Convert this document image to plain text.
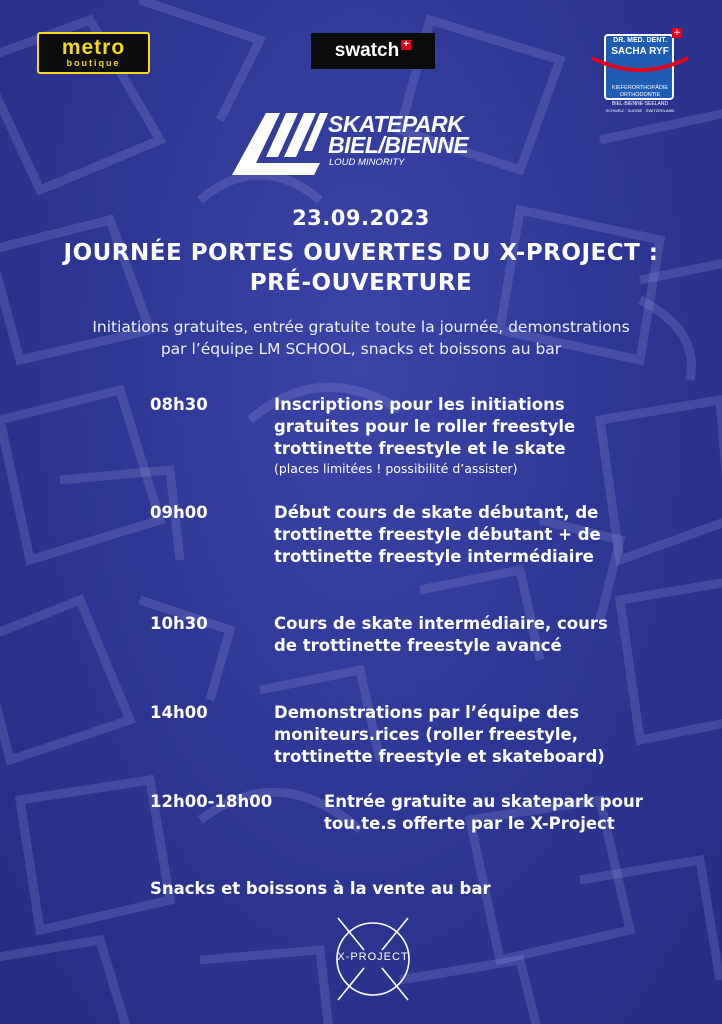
metro
boutique
swatch +
+
DR. MED. DENT.
SACHA RYF
KIEFERORTHOPÄDIE
ORTHODONTIE
BIEL·BIENNE·SEELAND
SCHWEIZ · SUISSE · SWITZERLAND
SKATEPARK
BIEL/BIENNE
LOUD MINORITY
23.09.2023
JOURNÉE PORTES OUVERTES DU X-PROJECT : PRÉ-OUVERTURE
Initiations gratuites, entrée gratuite toute la journée, demonstrations par l’équipe LM SCHOOL, snacks et boissons au bar
08h30	Inscriptions pour les initiations gratuites pour le roller freestyle trottinette freestyle et le skate
(places limitées ! possibilité d’assister)
09h00	Début cours de skate débutant, de trottinette freestyle débutant + de trottinette freestyle intermédiaire
10h30	Cours de skate intermédiaire, cours de trottinette freestyle avancé
14h00	Demonstrations par l’équipe des moniteurs.rices (roller freestyle, trottinette freestyle et skateboard)
12h00-18h00	Entrée gratuite au skatepark pour tou.te.s offerte par le X-Project
Snacks et boissons à la vente au bar
X-PROJECT
